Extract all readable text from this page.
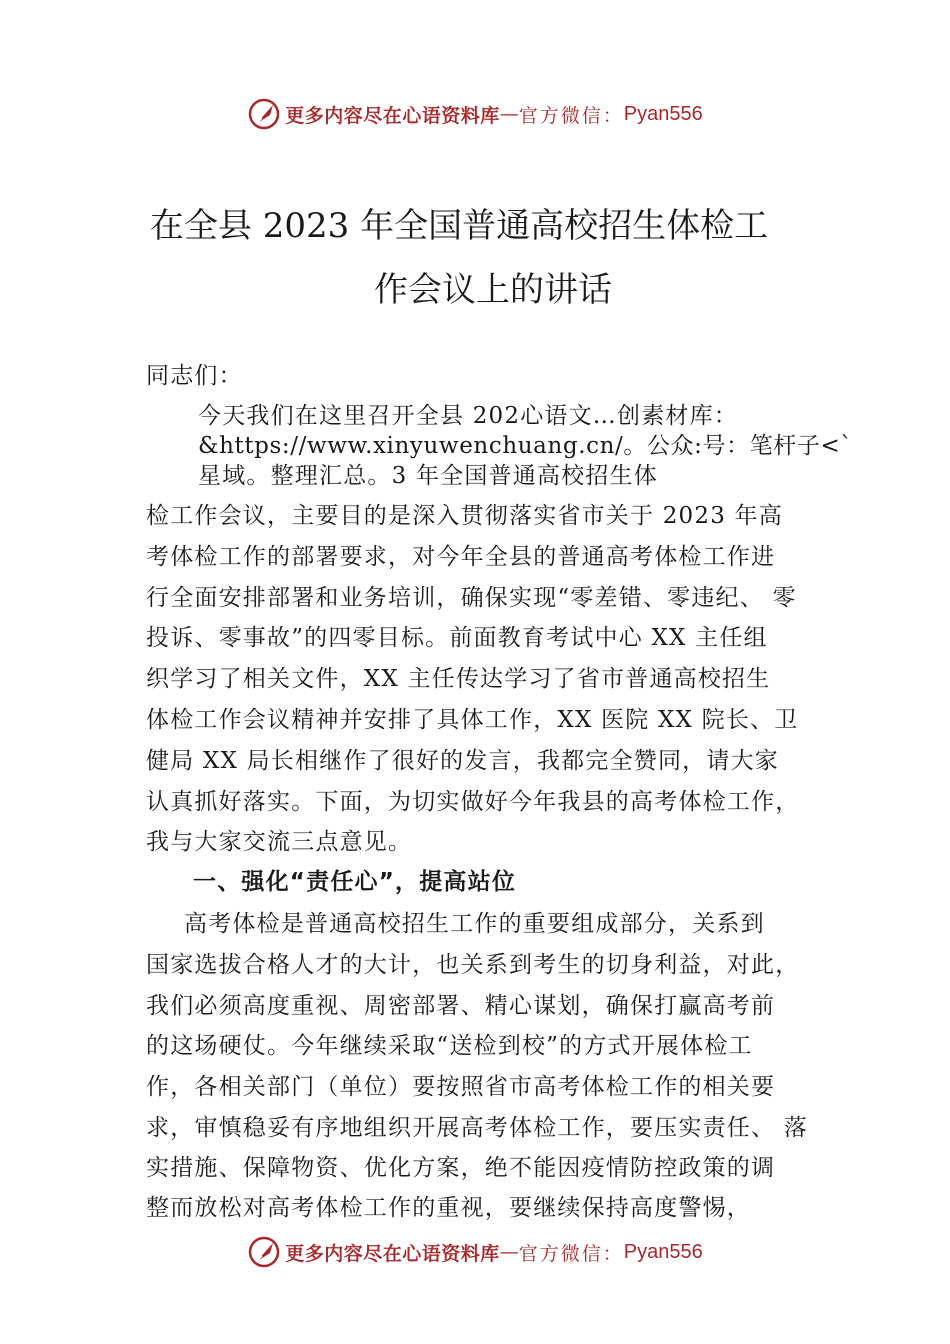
更多内容尽在心语资料库 — 官方微信： Pyan556
在全县 2023 年全国普通高校招生体检工
作会议上的讲话
同志们：
今天我们在这里召开全县 202心语文…创素材库：
&https://www.xinyuwenchuang.cn/。公众:号：笔杆子<`
星域。整理汇总。3 年全国普通高校招生体
检工作会议，主要目的是深入贯彻落实省市关于 2023 年高
考体检工作的部署要求，对今年全县的普通高考体检工作进
行全面安排部署和业务培训，确保实现“零差错、零违纪、 零
投诉、零事故”的四零目标。前面教育考试中心 XX 主任组
织学习了相关文件，XX 主任传达学习了省市普通高校招生
体检工作会议精神并安排了具体工作，XX 医院 XX 院长、卫
健局 XX 局长相继作了很好的发言，我都完全赞同，请大家
认真抓好落实。下面，为切实做好今年我县的高考体检工作，
我与大家交流三点意见。
一、强化“责任心”，提高站位
高考体检是普通高校招生工作的重要组成部分，关系到
国家选拔合格人才的大计，也关系到考生的切身利益，对此，
我们必须高度重视、周密部署、精心谋划，确保打赢高考前
的这场硬仗。今年继续采取“送检到校”的方式开展体检工
作，各相关部门（单位）要按照省市高考体检工作的相关要
求，审慎稳妥有序地组织开展高考体检工作，要压实责任、 落
实措施、保障物资、优化方案，绝不能因疫情防控政策的调
整而放松对高考体检工作的重视，要继续保持高度警惕，
更多内容尽在心语资料库 — 官方微信： Pyan556
